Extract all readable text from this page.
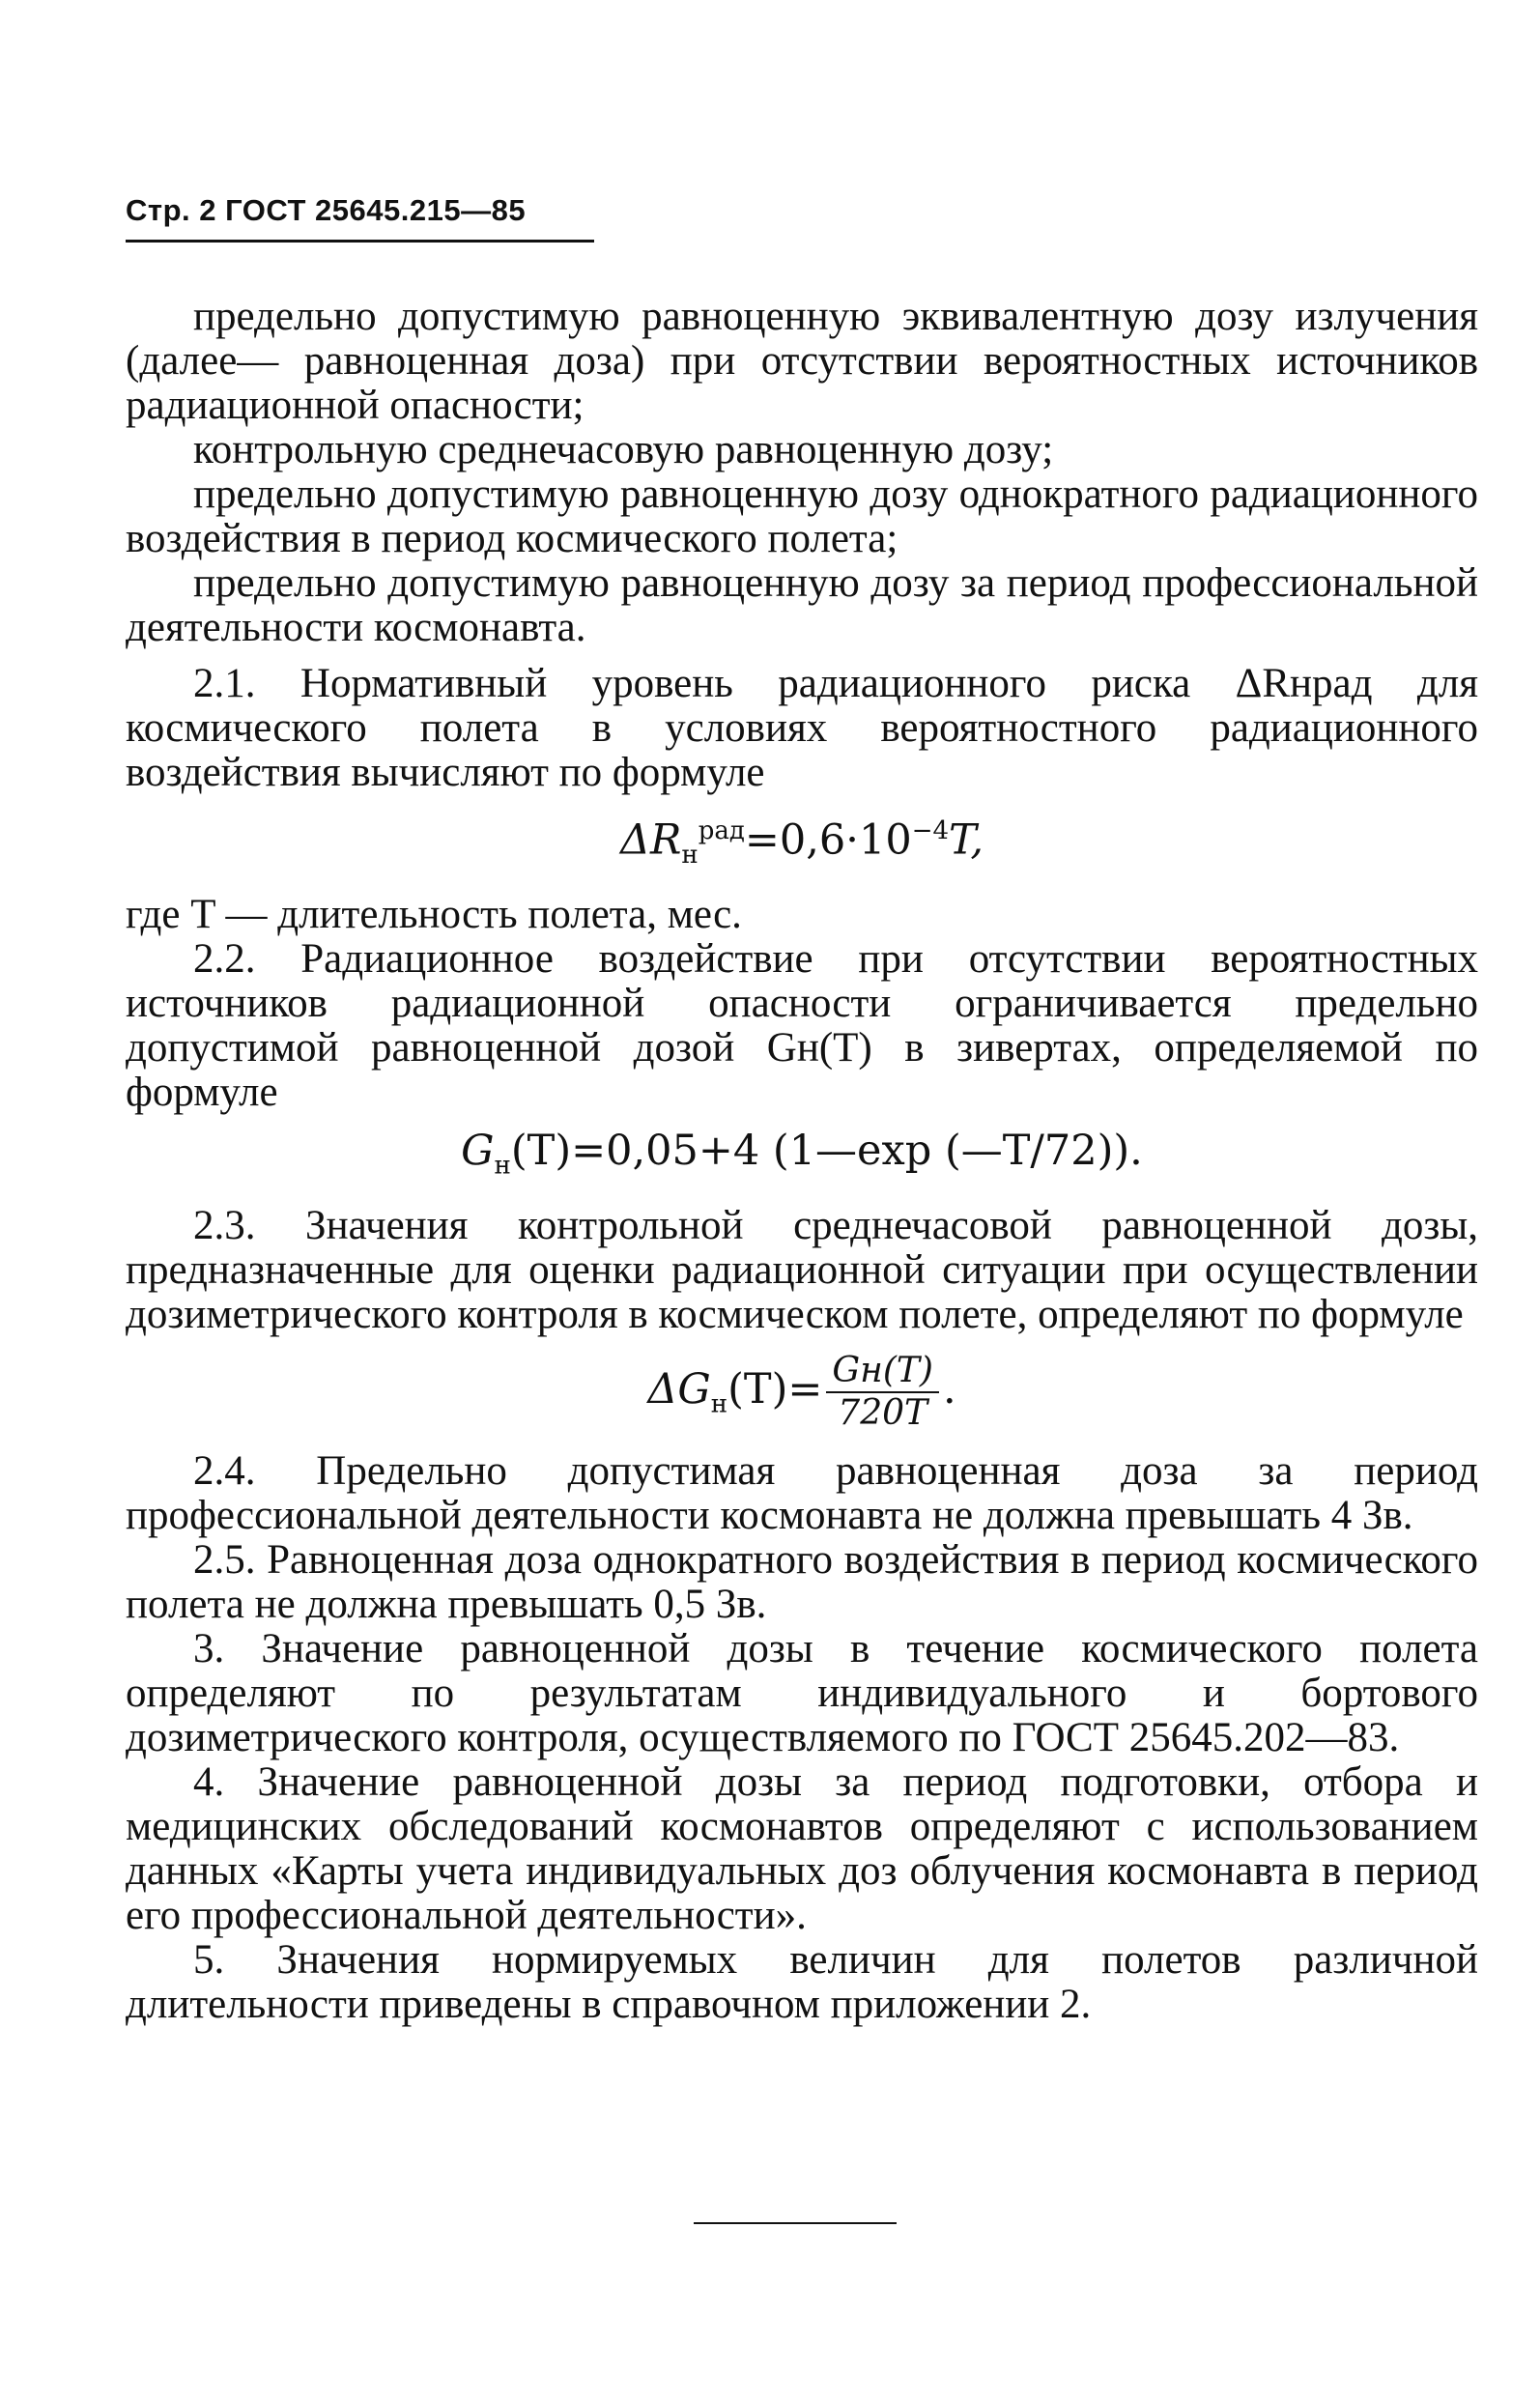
Стр. 2 ГОСТ 25645.215—85

предельно допустимую равноценную эквивалентную дозу излучения (далее— равноценная доза) при отсутствии вероятностных источников радиационной опасности;

контрольную среднечасовую равноценную дозу;

предельно допустимую равноценную дозу однократного радиационного воздействия в период космического полета;

предельно допустимую равноценную дозу за период профессиональной деятельности космонавта.

2.1. Нормативный уровень радиационного риска ΔRнрад для космического полета в условиях вероятностного радиационного воздействия вычисляют по формуле

$\Delta R_н^{рад}=0,6\cdot 10^{-4}T$,

где T — длительность полета, мес.

2.2. Радиационное воздействие при отсутствии вероятностных источников радиационной опасности ограничивается предельно допустимой равноценной дозой Gн(T) в зивертах, определяемой по формуле

$G_н(T)=0,05+4$ (1—exp (—T/72)).

2.3. Значения контрольной среднечасовой равноценной дозы, предназначенные для оценки радиационной ситуации при осуществлении дозиметрического контроля в космическом полете, определяют по формуле

$\Delta G_н(T)= \frac{Gн(T)}{720T}$ .

2.4. Предельно допустимая равноценная доза за период профессиональной деятельности космонавта не должна превышать 4 Зв.

2.5. Равноценная доза однократного воздействия в период космического полета не должна превышать 0,5 Зв.

3. Значение равноценной дозы в течение космического полета определяют по результатам индивидуального и бортового дозиметрического контроля, осуществляемого по ГОСТ 25645.202—83.

4. Значение равноценной дозы за период подготовки, отбора и медицинских обследований космонавтов определяют с использованием данных «Карты учета индивидуальных доз облучения космонавта в период его профессиональной деятельности».

5. Значения нормируемых величин для полетов различной длительности приведены в справочном приложении 2.
